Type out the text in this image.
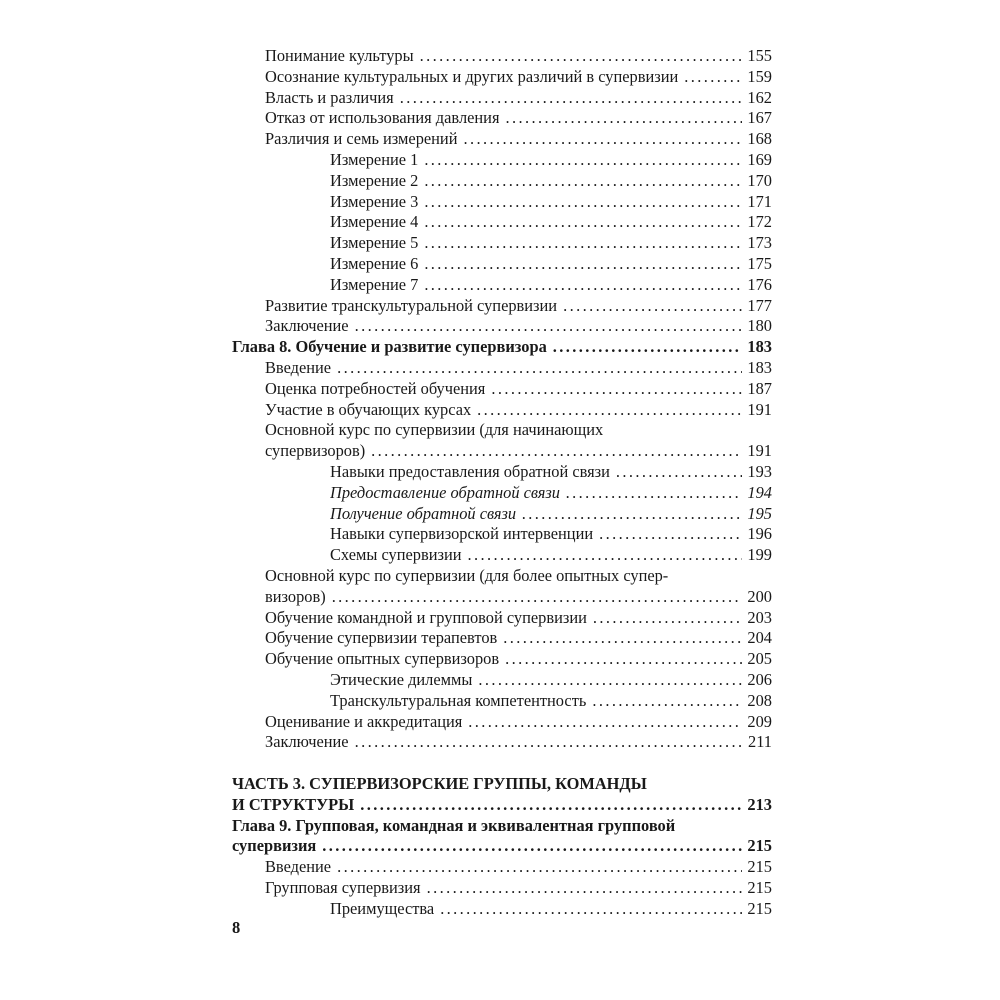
Понимание культуры .....	155
Осознание культуральных и других различий в супервизии .....	159
Власть и различия .....	162
Отказ от использования давления .....	167
Различия и семь измерений .....	168
Измерение 1 .....	169
Измерение 2 .....	170
Измерение 3 .....	171
Измерение 4 .....	172
Измерение 5 .....	173
Измерение 6 .....	175
Измерение 7 .....	176
Развитие транскультуральной супервизии .....	177
Заключение .....	180
Глава 8. Обучение и развитие супервизора .....	183
Введение .....	183
Оценка потребностей обучения .....	187
Участие в обучающих курсах .....	191
Основной курс по супервизии (для начинающих
супервизоров) .....	191
Навыки предоставления обратной связи .....	193
Предоставление обратной связи .....	194
Получение обратной связи .....	195
Навыки супервизорской интервенции .....	196
Схемы супервизии .....	199
Основной курс по супервизии (для более опытных супер-
визоров) .....	200
Обучение командной и групповой супервизии .....	203
Обучение супервизии терапевтов .....	204
Обучение опытных супервизоров .....	205
Этические дилеммы .....	206
Транскультуральная компетентность .....	208
Оценивание и аккредитация .....	209
Заключение .....	211
ЧАСТЬ 3. СУПЕРВИЗОРСКИЕ ГРУППЫ, КОМАНДЫ
И СТРУКТУРЫ .....	213
Глава 9. Групповая, командная и эквивалентная групповой
супервизия .....	215
Введение .....	215
Групповая супервизия .....	215
Преимущества .....	215
8
